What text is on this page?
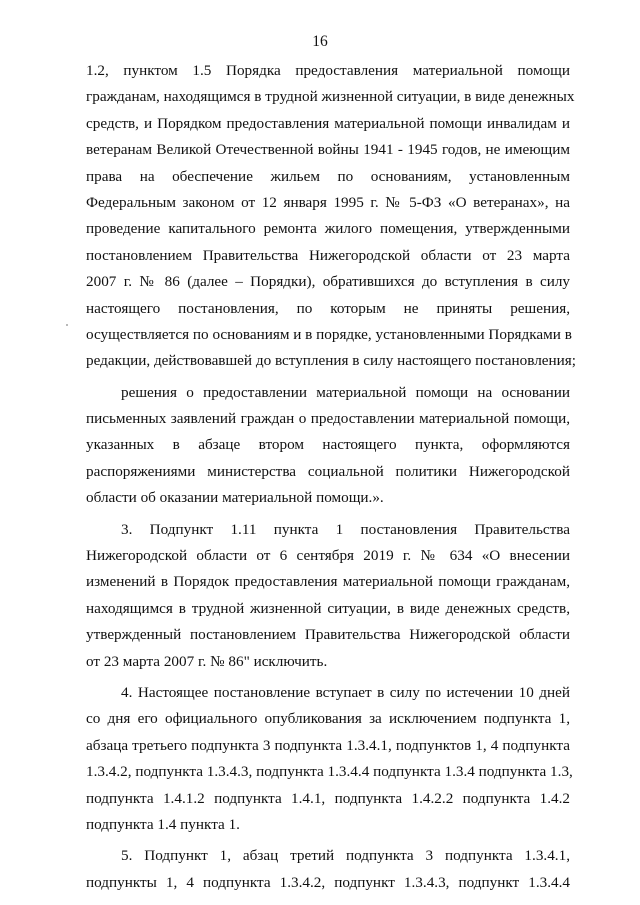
16
1.2, пунктом 1.5 Порядка предоставления материальной помощи
гражданам, находящимся в трудной жизненной ситуации, в виде денежных
средств, и Порядком предоставления материальной помощи инвалидам и
ветеранам Великой Отечественной войны 1941 - 1945 годов, не имеющим
права на обеспечение жильем по основаниям, установленным
Федеральным законом от 12 января 1995 г. № 5-ФЗ «О ветеранах», на
проведение капитального ремонта жилого помещения, утвержденными
постановлением Правительства Нижегородской области от 23 марта
2007 г. № 86 (далее – Порядки), обратившихся до вступления в силу
настоящего постановления, по которым не приняты решения,
осуществляется по основаниям и в порядке, установленными Порядками в
редакции, действовавшей до вступления в силу настоящего постановления;
решения о предоставлении материальной помощи на основании
письменных заявлений граждан о предоставлении материальной помощи,
указанных в абзаце втором настоящего пункта, оформляются
распоряжениями министерства социальной политики Нижегородской
области об оказании материальной помощи.».
3. Подпункт 1.11 пункта 1 постановления Правительства
Нижегородской области от 6 сентября 2019 г. № 634 «О внесении
изменений в Порядок предоставления материальной помощи гражданам,
находящимся в трудной жизненной ситуации, в виде денежных средств,
утвержденный постановлением Правительства Нижегородской области
от 23 марта 2007 г. № 86" исключить.
4. Настоящее постановление вступает в силу по истечении 10 дней
со дня его официального опубликования за исключением подпункта 1,
абзаца третьего подпункта 3 подпункта 1.3.4.1, подпунктов 1, 4 подпункта
1.3.4.2, подпункта 1.3.4.3, подпункта 1.3.4.4 подпункта 1.3.4 подпункта 1.3,
подпункта 1.4.1.2 подпункта 1.4.1, подпункта 1.4.2.2 подпункта 1.4.2
подпункта 1.4 пункта 1.
5. Подпункт 1, абзац третий подпункта 3 подпункта 1.3.4.1,
подпункты 1, 4 подпункта 1.3.4.2, подпункт 1.3.4.3, подпункт 1.3.4.4
